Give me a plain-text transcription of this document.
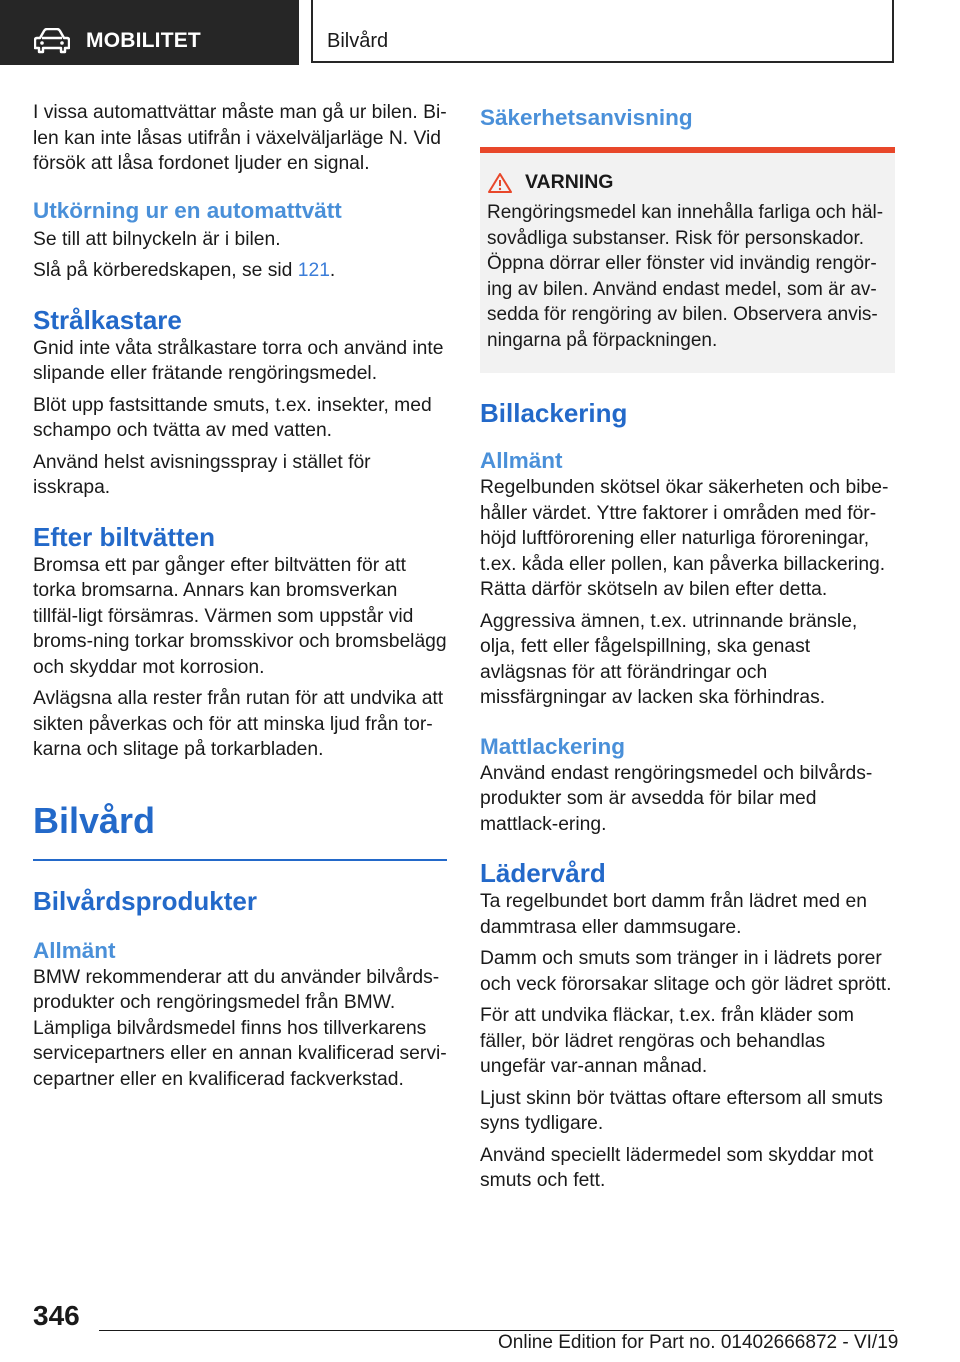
MOBILITET	Bilvård

I vissa automattvättar måste man gå ur bilen. Bi-len kan inte låsas utifrån i växelväljarläge N. Vid försök att låsa fordonet ljuder en signal.

Utkörning ur en automattvätt

Se till att bilnyckeln är i bilen.

Slå på körberedskapen, se sid 121.

Strålkastare

Gnid inte våta strålkastare torra och använd inte slipande eller frätande rengöringsmedel.

Blöt upp fastsittande smuts, t.ex. insekter, med schampo och tvätta av med vatten.

Använd helst avisningsspray i stället för isskrapa.

Efter biltvätten

Bromsa ett par gånger efter biltvätten för att torka bromsarna. Annars kan bromsverkan tillfäl-ligt försämras. Värmen som uppstår vid broms-ning torkar bromsskivor och bromsbelägg och skyddar mot korrosion.

Avlägsna alla rester från rutan för att undvika att sikten påverkas och för att minska ljud från tor-karna och slitage på torkarbladen.

Bilvård
Bilvårdsprodukter
Allmänt

BMW rekommenderar att du använder bilvårds-produkter och rengöringsmedel från BMW. Lämpliga bilvårdsmedel finns hos tillverkarens servicepartners eller en annan kvalificerad servi-cepartner eller en kvalificerad fackverkstad.

Säkerhetsanvisning
VARNING

Rengöringsmedel kan innehålla farliga och häl-sovådliga substanser. Risk för personskador. Öppna dörrar eller fönster vid invändig rengör-ing av bilen. Använd endast medel, som är av-sedda för rengöring av bilen. Observera anvis-ningarna på förpackningen.

Billackering
Allmänt

Regelbunden skötsel ökar säkerheten och bibe-håller värdet. Yttre faktorer i områden med för-höjd luftförorening eller naturliga föroreningar, t.ex. kåda eller pollen, kan påverka billackering. Rätta därför skötseln av bilen efter detta.

Aggressiva ämnen, t.ex. utrinnande bränsle, olja, fett eller fågelspillning, ska genast avlägsnas för att förändringar och missfärgningar av lacken ska förhindras.

Mattlackering

Använd endast rengöringsmedel och bilvårds-produkter som är avsedda för bilar med mattlack-ering.

Lädervård

Ta regelbundet bort damm från lädret med en dammtrasa eller dammsugare.

Damm och smuts som tränger in i lädrets porer och veck förorsakar slitage och gör lädret sprött.

För att undvika fläckar, t.ex. från kläder som fäller, bör lädret rengöras och behandlas ungefär var-annan månad.

Ljust skinn bör tvättas oftare eftersom all smuts syns tydligare.

Använd speciellt lädermedel som skyddar mot smuts och fett.

346
Online Edition for Part no. 01402666872 - VI/19
